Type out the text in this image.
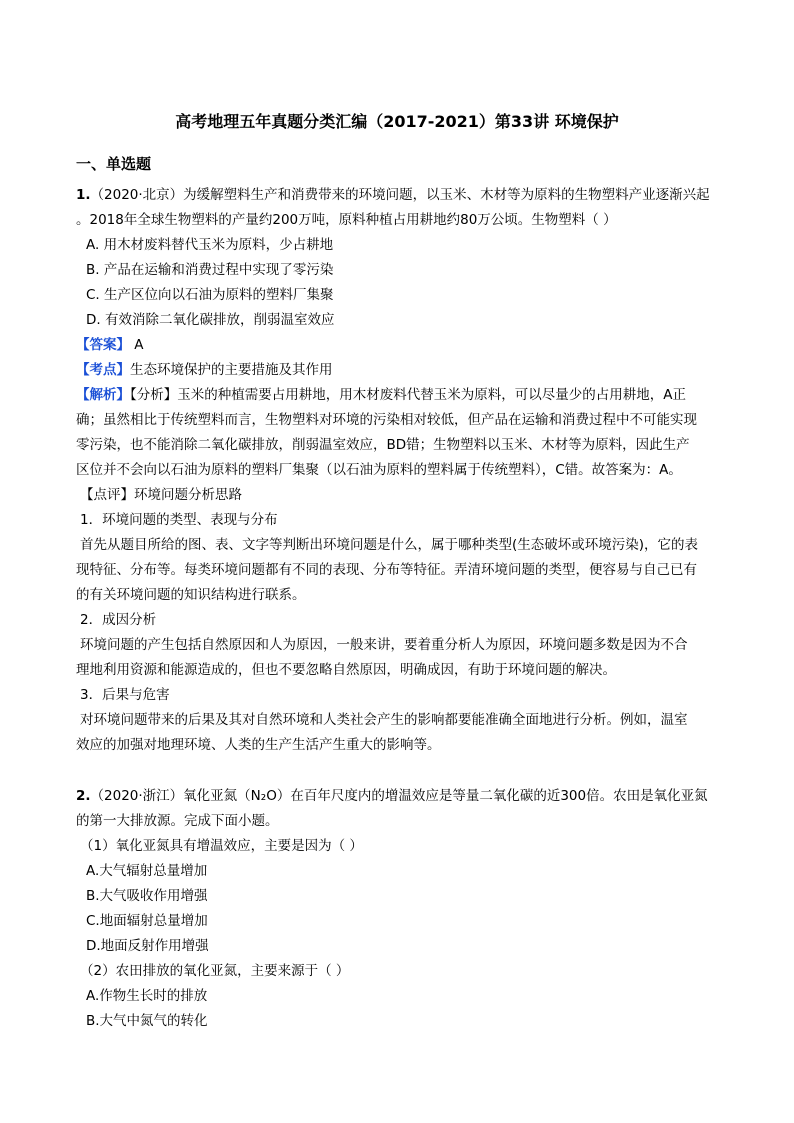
高考地理五年真题分类汇编（2017-2021）第33讲 环境保护
一、单选题
1.（2020·北京）为缓解塑料生产和消费带来的环境问题，以玉米、木材等为原料的生物塑料产业逐渐兴起
。2018年全球生物塑料的产量约200万吨，原料种植占用耕地约80万公顷。生物塑料（ ）
A. 用木材废料替代玉米为原料，少占耕地
B. 产品在运输和消费过程中实现了零污染
C. 生产区位向以石油为原料的塑料厂集聚
D. 有效消除二氧化碳排放，削弱温室效应
【答案】 A
【考点】生态环境保护的主要措施及其作用
【解析】【分析】玉米的种植需要占用耕地，用木材废料代替玉米为原料，可以尽量少的占用耕地，A正
确；虽然相比于传统塑料而言，生物塑料对环境的污染相对较低，但产品在运输和消费过程中不可能实现
零污染，也不能消除二氧化碳排放，削弱温室效应，BD错；生物塑料以玉米、木材等为原料，因此生产
区位并不会向以石油为原料的塑料厂集聚（以石油为原料的塑料属于传统塑料），C错。故答案为：A。
【点评】环境问题分析思路
1．环境问题的类型、表现与分布
首先从题目所给的图、表、文字等判断出环境问题是什么，属于哪种类型(生态破坏或环境污染)，它的表
现特征、分布等。每类环境问题都有不同的表现、分布等特征。弄清环境问题的类型，便容易与自己已有
的有关环境问题的知识结构进行联系。
2．成因分析
环境问题的产生包括自然原因和人为原因，一般来讲，要着重分析人为原因，环境问题多数是因为不合
理地利用资源和能源造成的，但也不要忽略自然原因，明确成因，有助于环境问题的解决。
3．后果与危害
对环境问题带来的后果及其对自然环境和人类社会产生的影响都要能准确全面地进行分析。例如，温室
效应的加强对地理环境、人类的生产生活产生重大的影响等。
2.（2020·浙江）氧化亚氮（N₂O）在百年尺度内的增温效应是等量二氧化碳的近300倍。农田是氧化亚氮
的第一大排放源。完成下面小题。
（1）氧化亚氮具有增温效应，主要是因为（ ）
A.大气辐射总量增加
B.大气吸收作用增强
C.地面辐射总量增加
D.地面反射作用增强
（2）农田排放的氧化亚氮，主要来源于（ ）
A.作物生长时的排放
B.大气中氮气的转化
